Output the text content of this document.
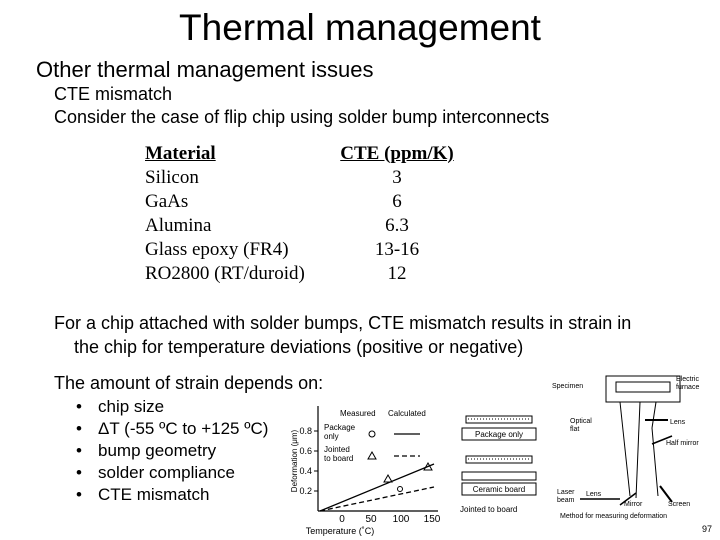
Thermal management
Other thermal management issues
CTE mismatch
Consider the case of flip chip using solder bump interconnects
Material	CTE (ppm/K)
Silicon	3
GaAs	6
Alumina	6.3
Glass epoxy (FR4)	13-16
RO2800 (RT/duroid)	12
For a chip attached with solder bumps, CTE mismatch results in strain in
the chip for temperature deviations (positive or negative)
The amount of strain depends on:
• chip size
• ΔT (-55 ºC to +125 ºC)
• bump geometry
• solder compliance
• CTE mismatch
0.8
0.6
0.4
0.2
0 50 100 150
Temperature (˚C)
Deformation (μm)
Measured Calculated
Package
only
Jointed
to board
Package only
Ceramic board
Jointed to board
Specimen
Electric
furnace
Optical
flat
Lens
Half mirror
Laser
beam
Lens
Mirror	Screen
Method for measuring deformation
97
